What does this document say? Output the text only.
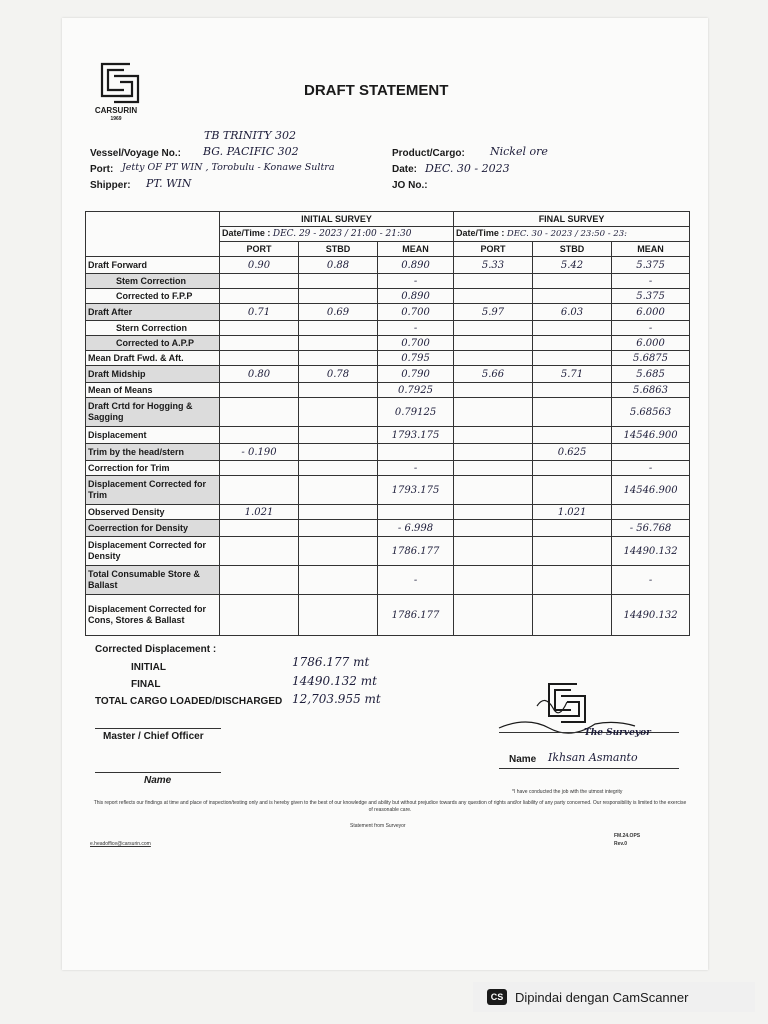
CARSURIN
1969
DRAFT STATEMENT
TB TRINITY 302
Vessel/Voyage No.: BG. PACIFIC 302
Port: Jetty OF PT WIN , Torobulu - Konawe Sultra
Shipper: PT. WIN
Product/Cargo: Nickel ore
Date: DEC. 30 - 2023
JO No.:
	INITIAL SURVEY			FINAL SURVEY		
	Date/Time : DEC. 29 - 2023 / 21:00 - 21:30			Date/Time : DEC. 30 - 2023 / 23:50 - 23:		
	PORT	STBD	MEAN	PORT	STBD	MEAN
Draft Forward	0.90	0.88	0.890	5.33	5.42	5.375
Stem Correction			-			-
Corrected to F.P.P			0.890			5.375
Draft After	0.71	0.69	0.700	5.97	6.03	6.000
Stern Correction			-			-
Corrected to A.P.P			0.700			6.000
Mean Draft Fwd. & Aft.			0.795			5.6875
Draft Midship	0.80	0.78	0.790	5.66	5.71	5.685
Mean of Means			0.7925			5.6863
Draft Crtd for Hogging & Sagging			0.79125			5.68563
Displacement			1793.175			14546.900
Trim by the head/stern	- 0.190				0.625	
Correction for Trim			-			-
Displacement Corrected for Trim			1793.175			14546.900
Observed Density	1.021				1.021	
Coerrection for Density			- 6.998			- 56.768
Displacement Corrected for Density			1786.177			14490.132
Total Consumable Store & Ballast			-			-
Displacement Corrected for Cons, Stores & Ballast			1786.177			14490.132
Corrected Displacement :
INITIAL	1786.177 mt
FINAL	14490.132 mt
TOTAL CARGO LOADED/DISCHARGED 12,703.955 mt
Master / Chief Officer
Name
The Surveyor
Name Ikhsan Asmanto
*I have conducted the job with the utmost integrity
This report reflects our findings at time and place of inspection/testing only and is hereby given to the best of our knowledge and ability but without prejudice towards any question of rights and/or liability of any party concerned. Our responsibility is limited to the exercise of reasonable care.
Statement from Surveyor
e.headoffice@carsurin.com
FM.24.OPS
Rev.0
CS Dipindai dengan CamScanner
